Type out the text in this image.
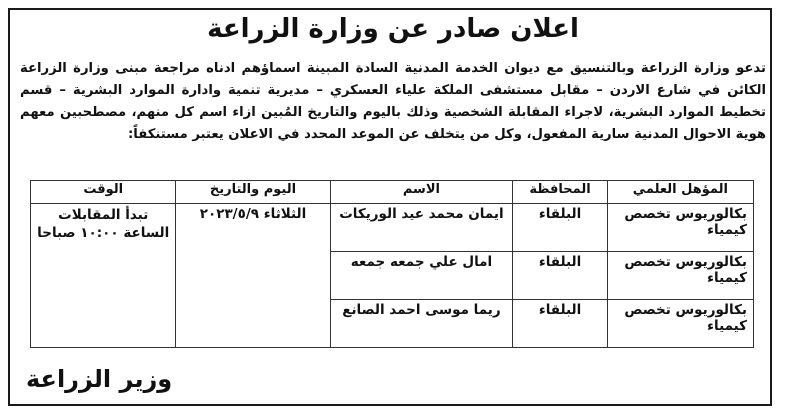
اعلان صادر عن وزارة الزراعة
تدعو وزارة الزراعة وبالتنسيق مع ديوان الخدمة المدنية السادة المبينة اسماؤهم ادناه مراجعة مبنى وزارة الزراعة الكائن في شارع الاردن – مقابل مستشفى الملكة علياء العسكري – مديرية تنمية وادارة الموارد البشرية – قسم تخطيط الموارد البشرية، لاجراء المقابلة الشخصية وذلك باليوم والتاريخ المُبين ازاء اسم كل منهم، مصطحبين معهم هوية الاحوال المدنية سارية المفعول، وكل من يتخلف عن الموعد المحدد في الاعلان يعتبر مستنكفاً:
المؤهل العلمي	المحافظة	الاسم	اليوم والتاريخ	الوقت
بكالوريوس تخصص كيمياء	البلقاء	ايمان محمد عيد الوريكات	الثلاثاء ٢٠٢٣/٥/٩	تبدأ المقابلات الساعة ١٠:٠٠ صباحا
بكالوريوس تخصص كيمياء	البلقاء	امال علي جمعه جمعه		
بكالوريوس تخصص كيمياء	البلقاء	ريما موسى احمد الصانع		
وزير الزراعة
